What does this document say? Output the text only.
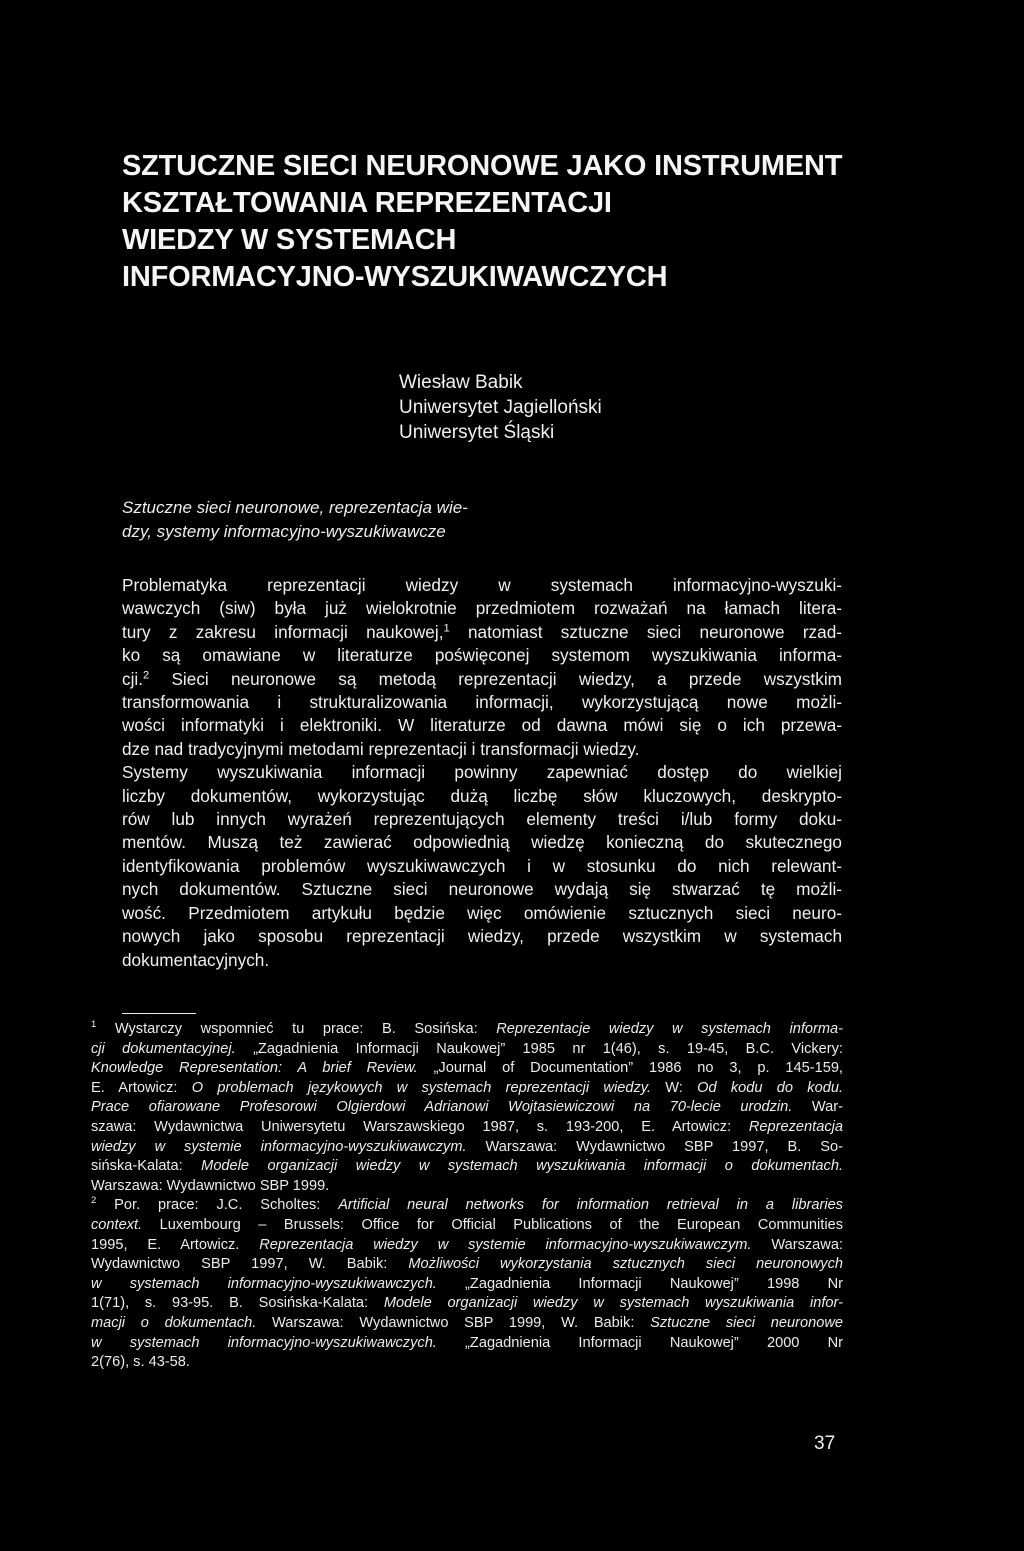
SZTUCZNE SIECI NEURONOWE JAKO INSTRUMENT
KSZTAŁTOWANIA REPREZENTACJI
WIEDZY W SYSTEMACH
INFORMACYJNO-WYSZUKIWAWCZYCH
Wiesław Babik
Uniwersytet Jagielloński
Uniwersytet Śląski
Sztuczne sieci neuronowe, reprezentacja wie-
dzy, systemy informacyjno-wyszukiwawcze
Problematyka reprezentacji wiedzy w systemach informacyjno-wyszuki-
wawczych (siw) była już wielokrotnie przedmiotem rozważań na łamach litera-
tury z zakresu informacji naukowej,$^1$ natomiast sztuczne sieci neuronowe rzad-
ko są omawiane w literaturze poświęconej systemom wyszukiwania informa-
cji.$^2$ Sieci neuronowe są metodą reprezentacji wiedzy, a przede wszystkim
transformowania i strukturalizowania informacji, wykorzystującą nowe możli-
wości informatyki i elektroniki. W literaturze od dawna mówi się o ich przewa-
dze nad tradycyjnymi metodami reprezentacji i transformacji wiedzy.
Systemy wyszukiwania informacji powinny zapewniać dostęp do wielkiej
liczby dokumentów, wykorzystując dużą liczbę słów kluczowych, deskrypto-
rów lub innych wyrażeń reprezentujących elementy treści i/lub formy doku-
mentów. Muszą też zawierać odpowiednią wiedzę konieczną do skutecznego
identyfikowania problemów wyszukiwawczych i w stosunku do nich relewant-
nych dokumentów. Sztuczne sieci neuronowe wydają się stwarzać tę możli-
wość. Przedmiotem artykułu będzie więc omówienie sztucznych sieci neuro-
nowych jako sposobu reprezentacji wiedzy, przede wszystkim w systemach
dokumentacyjnych.
$^1$ Wystarczy wspomnieć tu prace: B. Sosińska: Reprezentacje wiedzy w systemach informa-
cji dokumentacyjnej. „Zagadnienia Informacji Naukowej” 1985 nr 1(46), s. 19-45, B.C. Vickery:
Knowledge Representation: A brief Review. „Journal of Documentation” 1986 no 3, p. 145-159,
E. Artowicz: O problemach językowych w systemach reprezentacji wiedzy. W: Od kodu do kodu.
Prace ofiarowane Profesorowi Olgierdowi Adrianowi Wojtasiewiczowi na 70-lecie urodzin. War-
szawa: Wydawnictwa Uniwersytetu Warszawskiego 1987, s. 193-200, E. Artowicz: Reprezentacja
wiedzy w systemie informacyjno-wyszukiwawczym. Warszawa: Wydawnictwo SBP 1997, B. So-
sińska-Kalata: Modele organizacji wiedzy w systemach wyszukiwania informacji o dokumentach.
Warszawa: Wydawnictwo SBP 1999.
$^2$ Por. prace: J.C. Scholtes: Artificial neural networks for information retrieval in a libraries
context. Luxembourg – Brussels: Office for Official Publications of the European Communities
1995, E. Artowicz. Reprezentacja wiedzy w systemie informacyjno-wyszukiwawczym. Warszawa:
Wydawnictwo SBP 1997, W. Babik: Możliwości wykorzystania sztucznych sieci neuronowych
w systemach informacyjno-wyszukiwawczych. „Zagadnienia Informacji Naukowej” 1998 Nr
1(71), s. 93-95. B. Sosińska-Kalata: Modele organizacji wiedzy w systemach wyszukiwania infor-
macji o dokumentach. Warszawa: Wydawnictwo SBP 1999, W. Babik: Sztuczne sieci neuronowe
w systemach informacyjno-wyszukiwawczych. „Zagadnienia Informacji Naukowej” 2000 Nr
2(76), s. 43-58.
37
